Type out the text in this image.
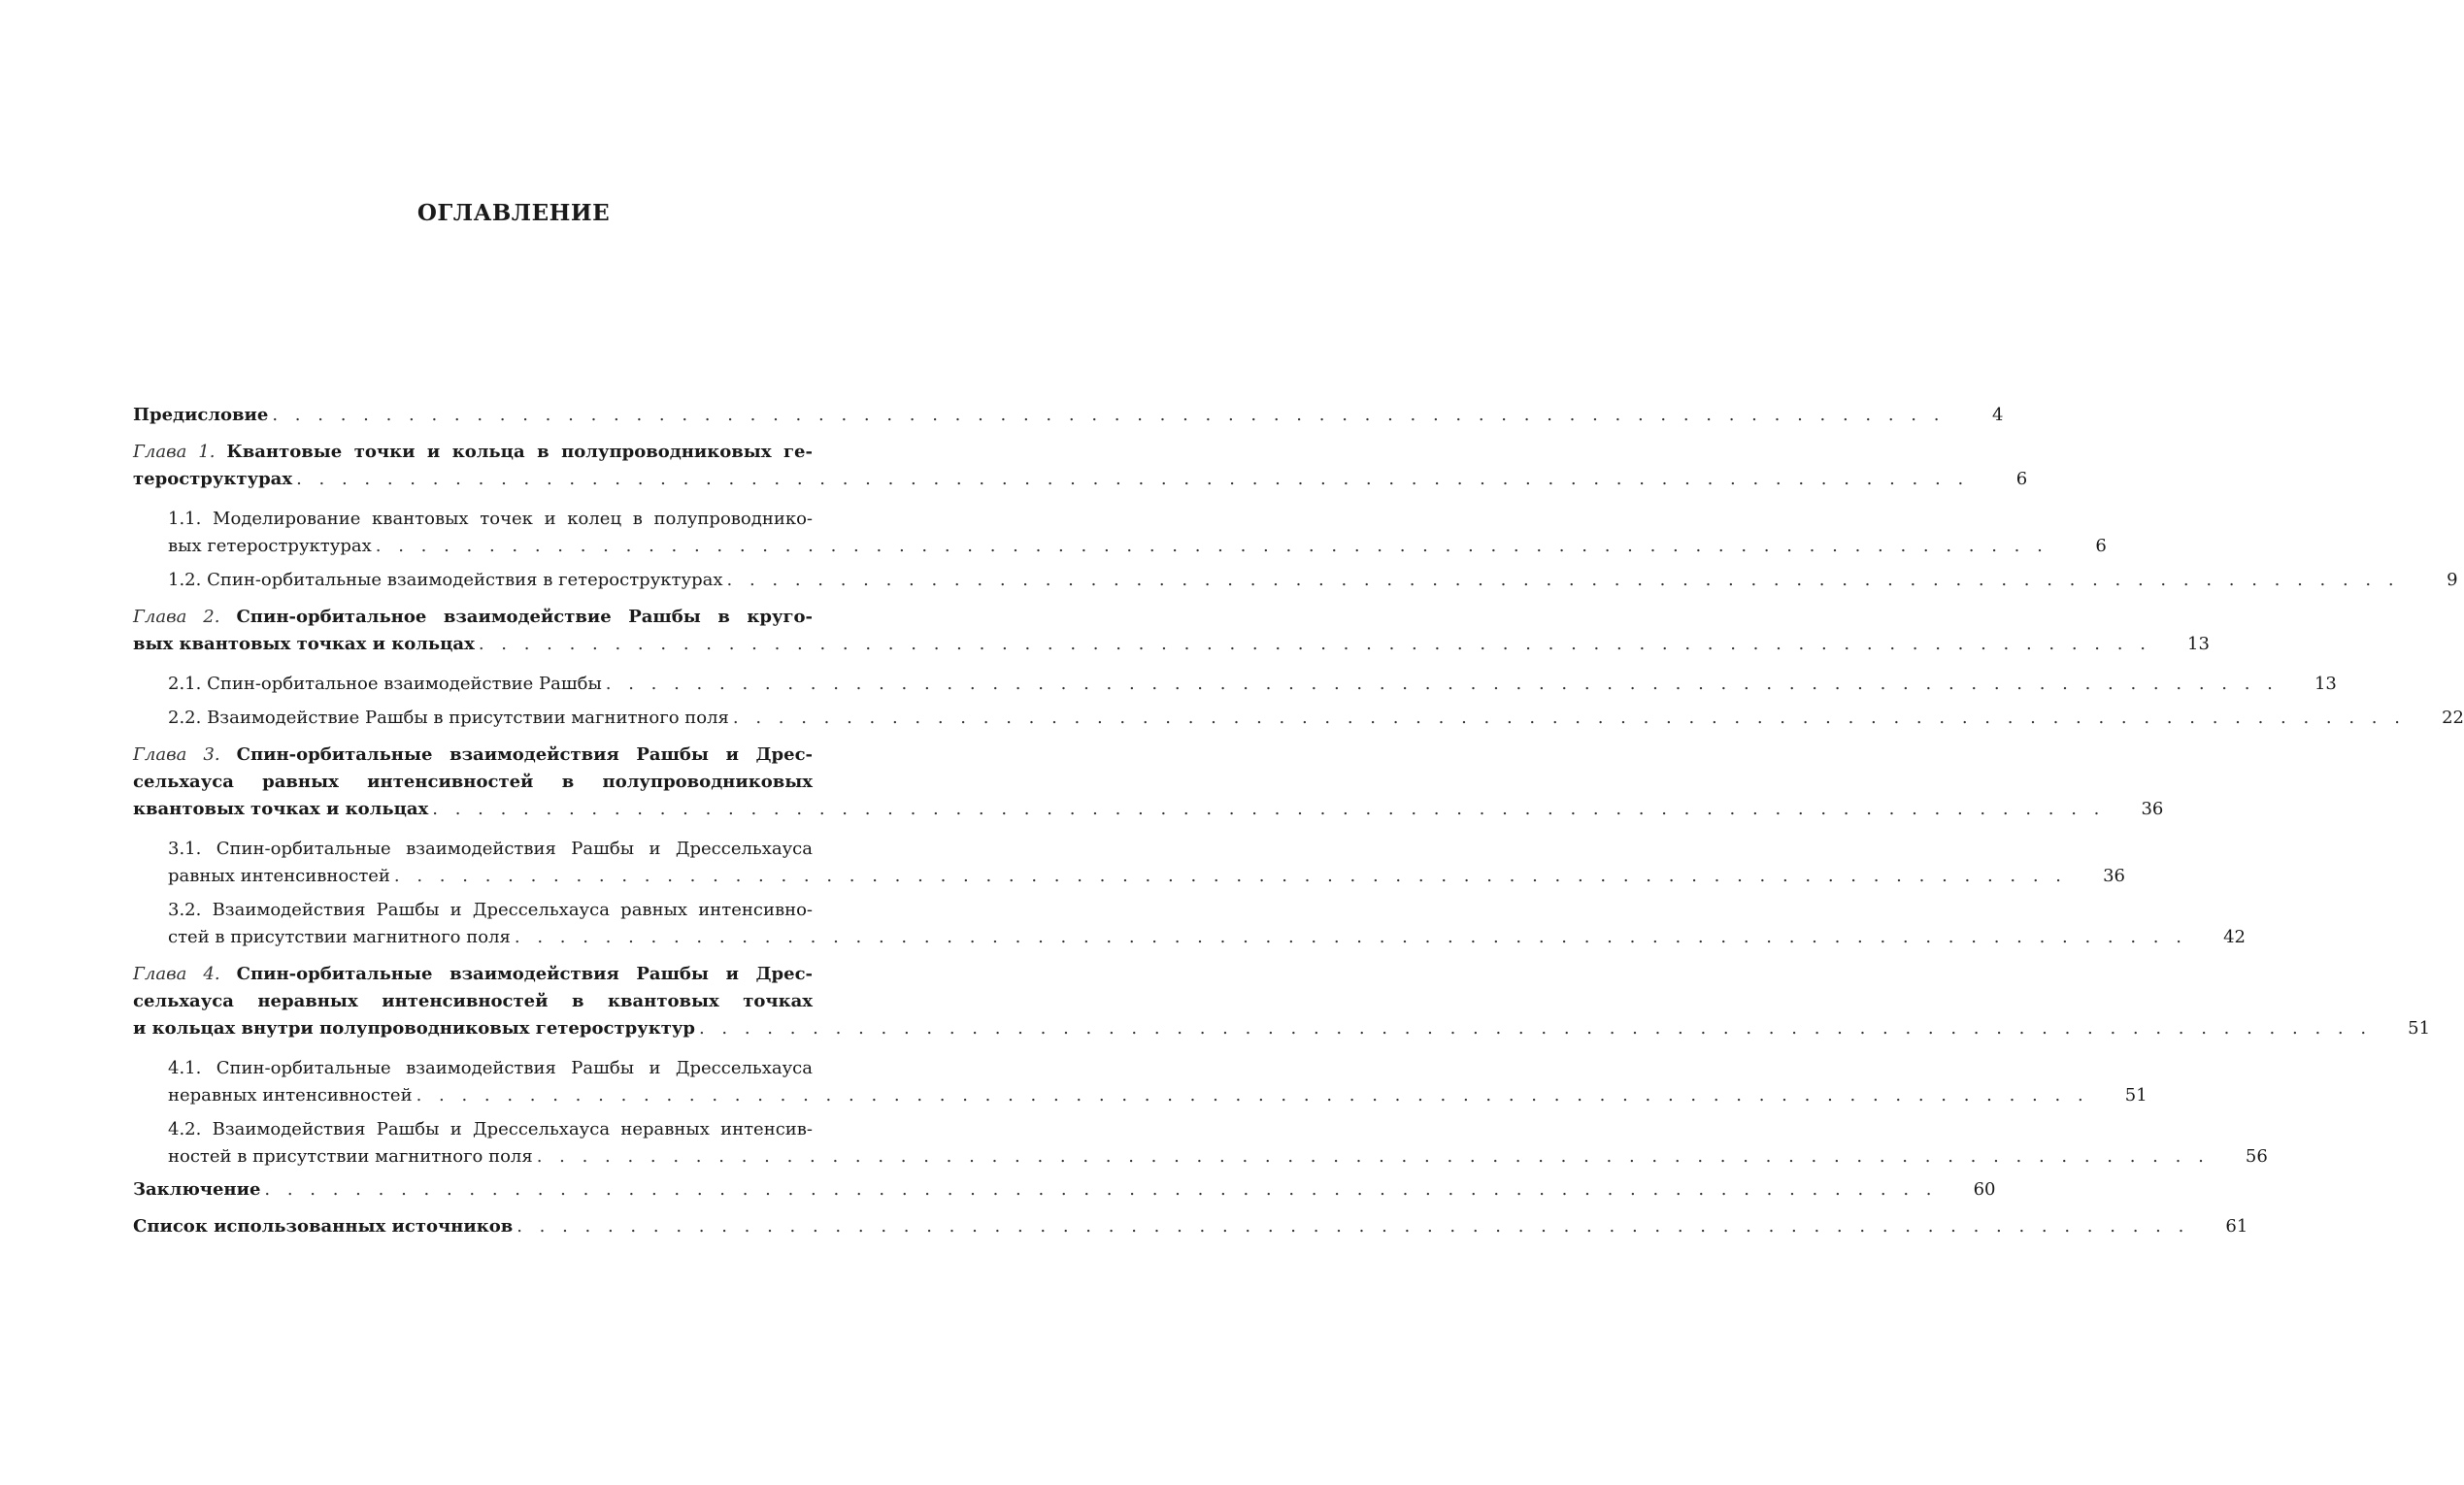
ОГЛАВЛЕНИЕ
Предисловие . . . . . . . . . . . . . . . . . . . . . . . . . . . . . . . . . . . . . . . . . . . . . . . . . . . . . . . . . . . . . . . . . . . . . . . . . .	4
Глава 1. Квантовые точки и кольца в полупроводниковых ге-
тероструктурах . . . . . . . . . . . . . . . . . . . . . . . . . . . . . . . . . . . . . . . . . . . . . . . . . . . . . . . . . . . . . . . . . . . . . . . . . .	6
1.1. Моделирование квантовых точек и колец в полупроводнико-
вых гетероструктурах . . . . . . . . . . . . . . . . . . . . . . . . . . . . . . . . . . . . . . . . . . . . . . . . . . . . . . . . . . . . . . . . . . . . . . . . . .	6
1.2. Спин-орбитальные взаимодействия в гетероструктурах . . . . . . . . . . . . . . . . . . . . . . . . . . . . . . . . . . . . . . . . . . . . . . . . . . . . . . . . . . . . . . . . . . . . . . . . . .	9
Глава 2. Спин-орбитальное взаимодействие Рашбы в круго-
вых квантовых точках и кольцах . . . . . . . . . . . . . . . . . . . . . . . . . . . . . . . . . . . . . . . . . . . . . . . . . . . . . . . . . . . . . . . . . . . . . . . . . .	13
2.1. Спин-орбитальное взаимодействие Рашбы . . . . . . . . . . . . . . . . . . . . . . . . . . . . . . . . . . . . . . . . . . . . . . . . . . . . . . . . . . . . . . . . . . . . . . . . . .	13
2.2. Взаимодействие Рашбы в присутствии магнитного поля . . . . . . . . . . . . . . . . . . . . . . . . . . . . . . . . . . . . . . . . . . . . . . . . . . . . . . . . . . . . . . . . . . . . . . . . . .	22
Глава 3. Спин-орбитальные взаимодействия Рашбы и Дрес-
сельхауса равных интенсивностей в полупроводниковых
квантовых точках и кольцах . . . . . . . . . . . . . . . . . . . . . . . . . . . . . . . . . . . . . . . . . . . . . . . . . . . . . . . . . . . . . . . . . . . . . . . . . .	36
3.1. Спин-орбитальные взаимодействия Рашбы и Дрессельхауса
равных интенсивностей . . . . . . . . . . . . . . . . . . . . . . . . . . . . . . . . . . . . . . . . . . . . . . . . . . . . . . . . . . . . . . . . . . . . . . . . . .	36
3.2. Взаимодействия Рашбы и Дрессельхауса равных интенсивно-
стей в присутствии магнитного поля . . . . . . . . . . . . . . . . . . . . . . . . . . . . . . . . . . . . . . . . . . . . . . . . . . . . . . . . . . . . . . . . . . . . . . . . . .	42
Глава 4. Спин-орбитальные взаимодействия Рашбы и Дрес-
сельхауса неравных интенсивностей в квантовых точках
и кольцах внутри полупроводниковых гетероструктур . . . . . . . . . . . . . . . . . . . . . . . . . . . . . . . . . . . . . . . . . . . . . . . . . . . . . . . . . . . . . . . . . . . . . . . . . .	51
4.1. Спин-орбитальные взаимодействия Рашбы и Дрессельхауса
неравных интенсивностей . . . . . . . . . . . . . . . . . . . . . . . . . . . . . . . . . . . . . . . . . . . . . . . . . . . . . . . . . . . . . . . . . . . . . . . . . .	51
4.2. Взаимодействия Рашбы и Дрессельхауса неравных интенсив-
ностей в присутствии магнитного поля . . . . . . . . . . . . . . . . . . . . . . . . . . . . . . . . . . . . . . . . . . . . . . . . . . . . . . . . . . . . . . . . . . . . . . . . . .	56
Заключение . . . . . . . . . . . . . . . . . . . . . . . . . . . . . . . . . . . . . . . . . . . . . . . . . . . . . . . . . . . . . . . . . . . . . . . . . .	60
Список использованных источников . . . . . . . . . . . . . . . . . . . . . . . . . . . . . . . . . . . . . . . . . . . . . . . . . . . . . . . . . . . . . . . . . . . . . . . . . .	61
